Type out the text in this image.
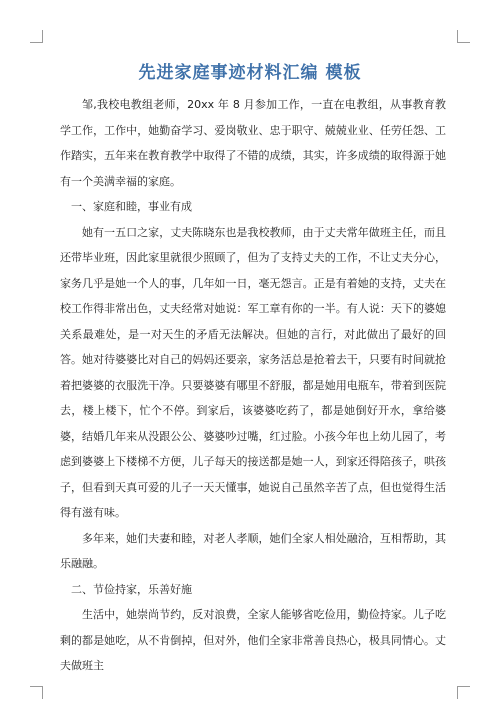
先进家庭事迹材料汇编 模板

邹,我校电教组老师，20xx 年 8 月参加工作，一直在电教组，从事教育教学工作，工作中，她勤奋学习、爱岗敬业、忠于职守、兢兢业业、任劳任怨、工作踏实，五年来在教育教学中取得了不错的成绩，其实，许多成绩的取得源于她有一个美满幸福的家庭。

一、家庭和睦，事业有成

她有一五口之家，丈夫陈晓东也是我校教师，由于丈夫常年做班主任，而且还带毕业班，因此家里就很少照顾了，但为了支持丈夫的工作，不让丈夫分心，家务几乎是她一个人的事，几年如一日，毫无怨言。正是有着她的支持，丈夫在校工作得非常出色，丈夫经常对她说：军工章有你的一半。有人说：天下的婆媳关系最难处，是一对天生的矛盾无法解决。但她的言行，对此做出了最好的回答。她对待婆婆比对自己的妈妈还要亲，家务活总是抢着去干，只要有时间就抢着把婆婆的衣服洗干净。只要婆婆有哪里不舒服，都是她用电瓶车，带着到医院去，楼上楼下，忙个不停。到家后，该婆婆吃药了，都是她倒好开水，拿给婆婆，结婚几年来从没跟公公、婆婆吵过嘴，红过脸。小孩今年也上幼儿园了，考虑到婆婆上下楼梯不方便，儿子每天的接送都是她一人，到家还得陪孩子，哄孩子，但看到天真可爱的儿子一天天懂事，她说自己虽然辛苦了点，但也觉得生活得有滋有味。

多年来，她们夫妻和睦，对老人孝顺，她们全家人相处融洽，互相帮助，其乐融融。

二、节俭持家，乐善好施

生活中，她崇尚节约，反对浪费，全家人能够省吃俭用，勤俭持家。儿子吃剩的都是她吃，从不肯倒掉，但对外，他们全家非常善良热心，极具同情心。丈夫做班主
